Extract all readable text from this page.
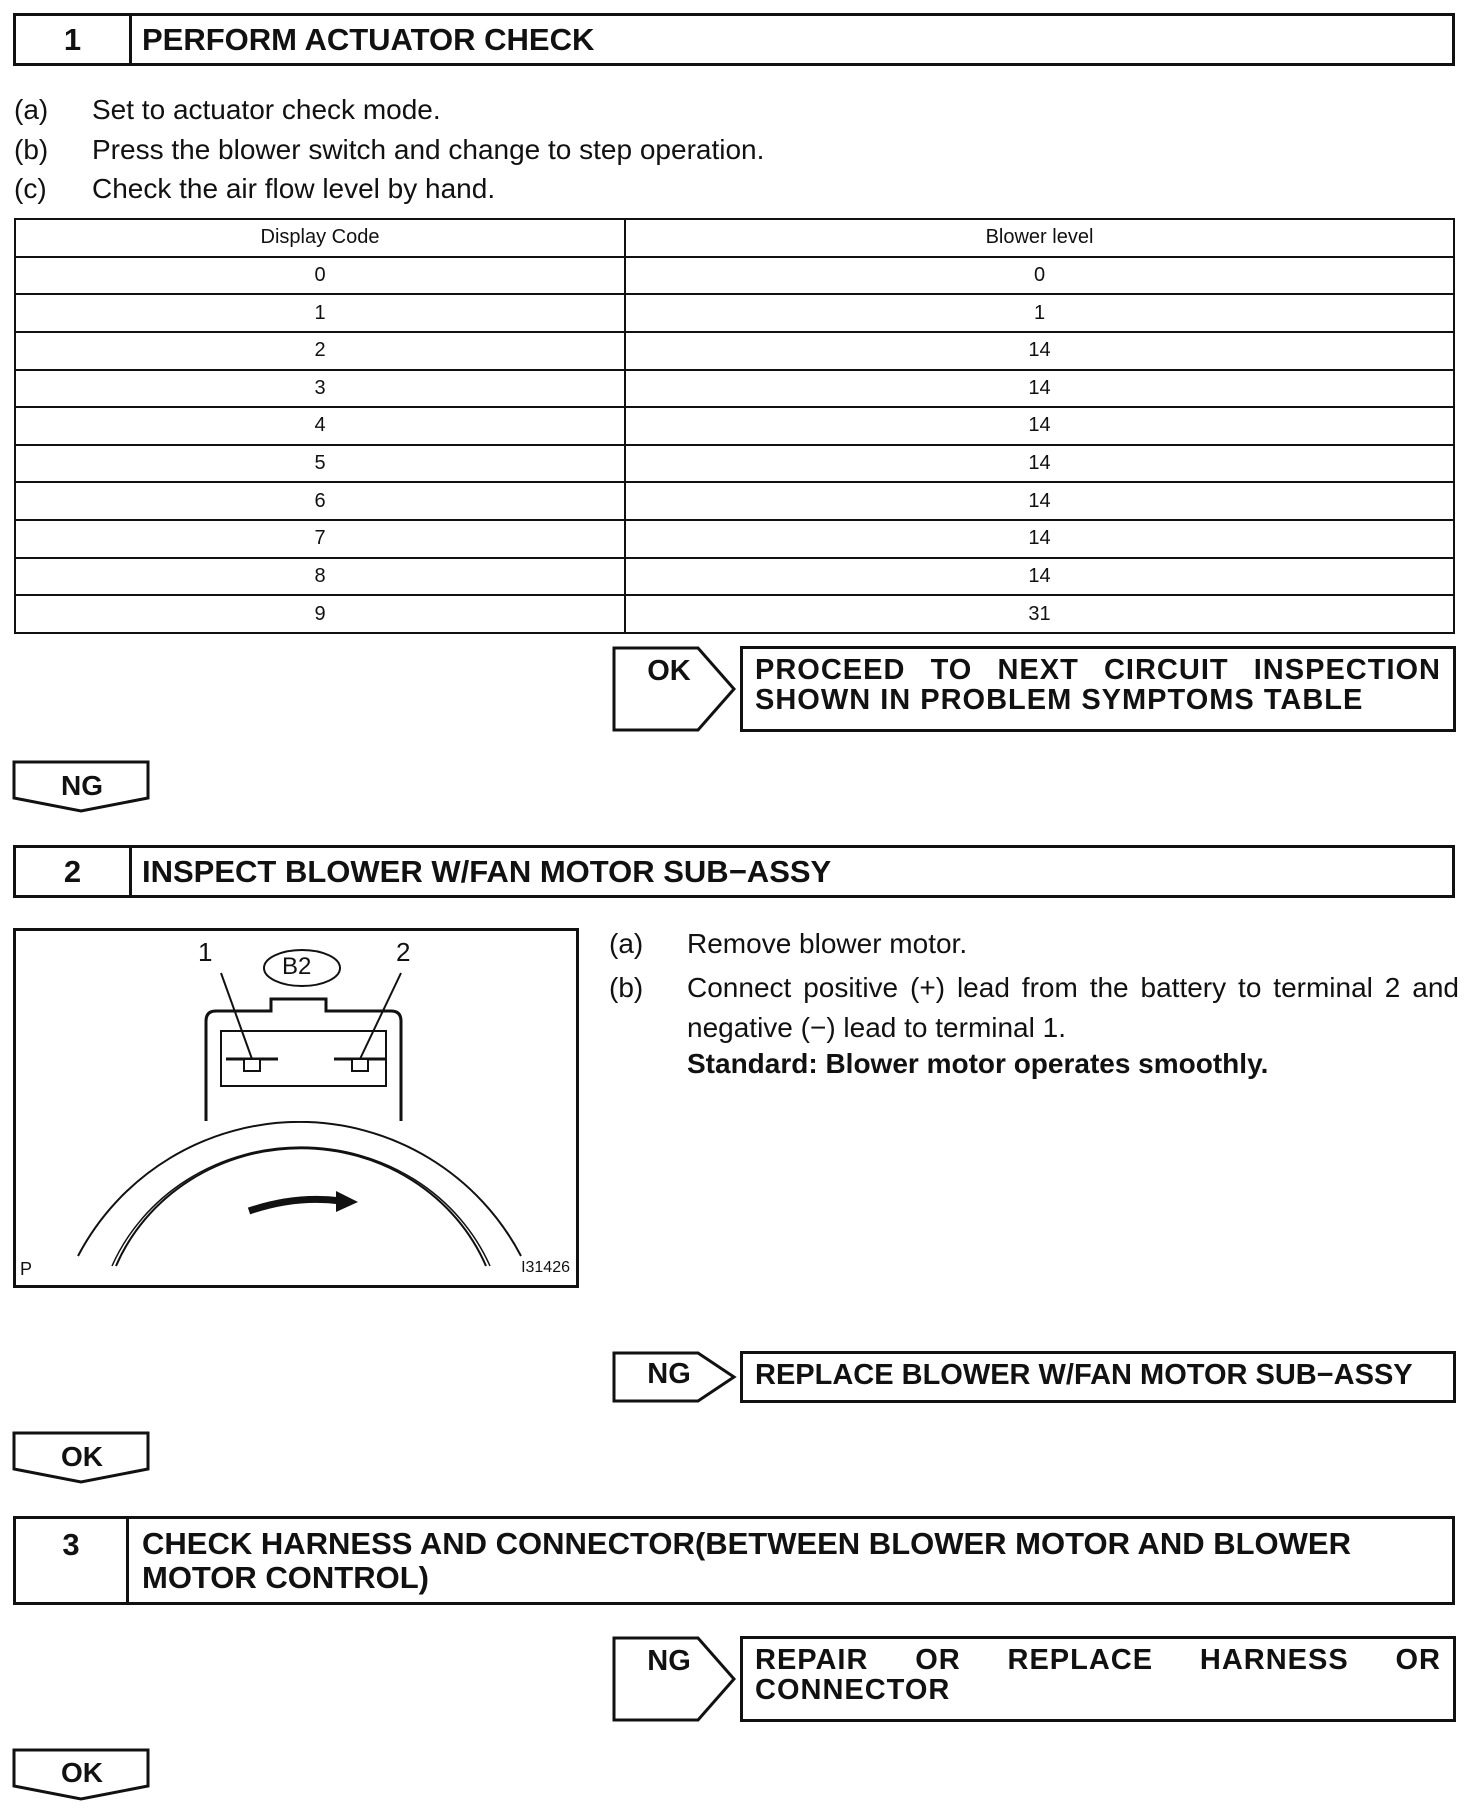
1	PERFORM ACTUATOR CHECK
(a) Set to actuator check mode.
(b) Press the blower switch and change to step operation.
(c) Check the air flow level by hand.
Display Code	Blower level
0	0
1	1
2	14
3	14
4	14
5	14
6	14
7	14
8	14
9	31
OK	PROCEED TO NEXT CIRCUIT INSPECTION
SHOWN IN PROBLEM SYMPTOMS TABLE
NG
2	INSPECT BLOWER W/FAN MOTOR SUB−ASSY
1	2
B2
P	I31426
(a) Remove blower motor.
(b)	Connect positive (+) lead from the battery to terminal 2 and negative (−) lead to terminal 1.
Standard: Blower motor operates smoothly.
NG	REPLACE BLOWER W/FAN MOTOR SUB−ASSY
OK
3	CHECK HARNESS AND CONNECTOR(BETWEEN BLOWER MOTOR AND BLOWER MOTOR CONTROL)
NG	REPAIR OR REPLACE HARNESS OR CONNECTOR
OK
